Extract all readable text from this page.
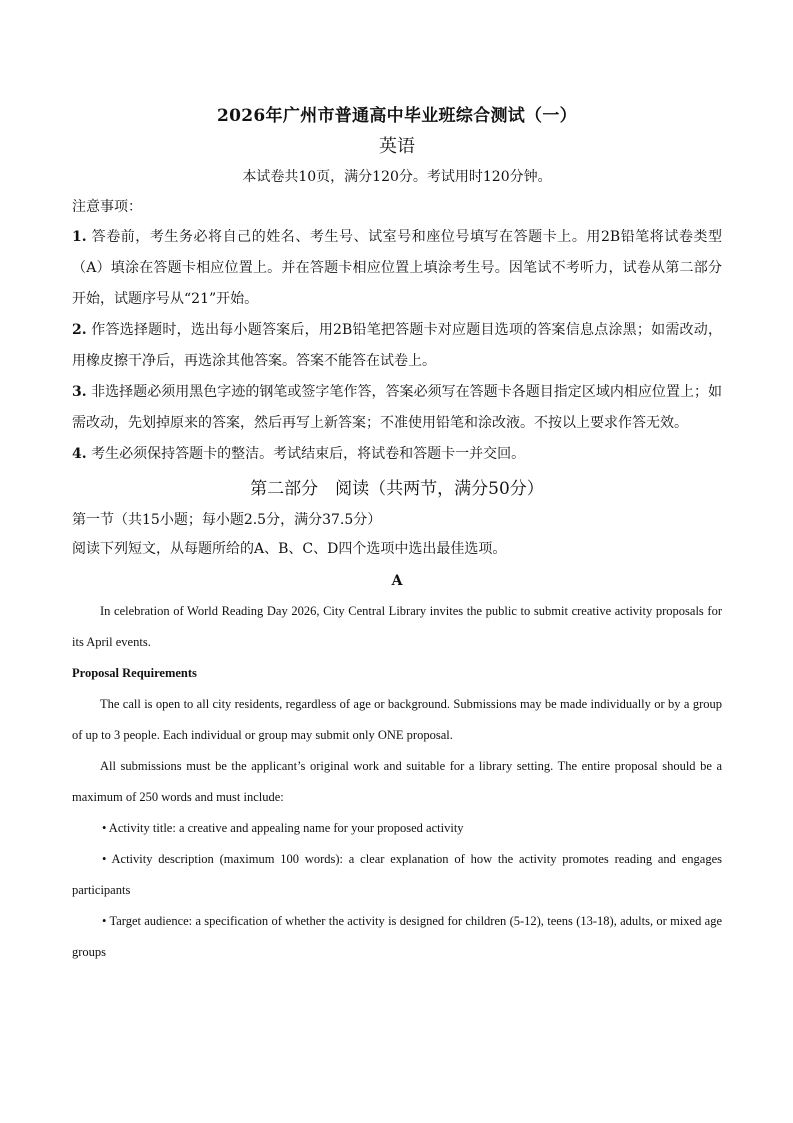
2026年广州市普通高中毕业班综合测试（一）
英语
本试卷共10页，满分120分。考试用时120分钟。
注意事项：
1. 答卷前，考生务必将自己的姓名、考生号、试室号和座位号填写在答题卡上。用2B铅笔将试卷类型（A）填涂在答题卡相应位置上。并在答题卡相应位置上填涂考生号。因笔试不考听力，试卷从第二部分开始，试题序号从“21”开始。
2. 作答选择题时，选出每小题答案后，用2B铅笔把答题卡对应题目选项的答案信息点涂黑；如需改动，用橡皮擦干净后，再选涂其他答案。答案不能答在试卷上。
3. 非选择题必须用黑色字迹的钢笔或签字笔作答，答案必须写在答题卡各题目指定区域内相应位置上；如需改动，先划掉原来的答案，然后再写上新答案；不准使用铅笔和涂改液。不按以上要求作答无效。
4. 考生必须保持答题卡的整洁。考试结束后，将试卷和答题卡一并交回。
第二部分　阅读（共两节，满分50分）
第一节（共15小题；每小题2.5分，满分37.5分）
阅读下列短文，从每题所给的A、B、C、D四个选项中选出最佳选项。
A
In celebration of World Reading Day 2026, City Central Library invites the public to submit creative activity proposals for its April events.
Proposal Requirements
The call is open to all city residents, regardless of age or background. Submissions may be made individually or by a group of up to 3 people. Each individual or group may submit only ONE proposal.
All submissions must be the applicant’s original work and suitable for a library setting. The entire proposal should be a maximum of 250 words and must include:
• Activity title: a creative and appealing name for your proposed activity
• Activity description (maximum 100 words): a clear explanation of how the activity promotes reading and engages participants
• Target audience: a specification of whether the activity is designed for children (5-12), teens (13-18), adults, or mixed age groups
